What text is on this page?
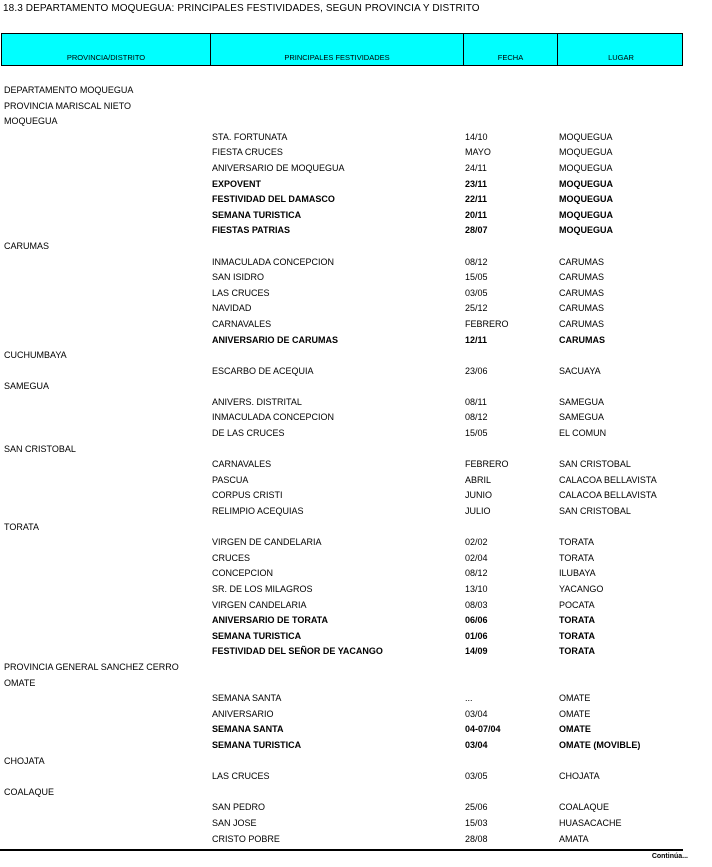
18.3 DEPARTAMENTO MOQUEGUA: PRINCIPALES FESTIVIDADES, SEGUN PROVINCIA Y DISTRITO
PROVINCIA/DISTRITO	PRINCIPALES FESTIVIDADES	FECHA	LUGAR
DEPARTAMENTO MOQUEGUA
PROVINCIA MARISCAL NIETO
MOQUEGUA
STA. FORTUNATA	14/10	MOQUEGUA
FIESTA CRUCES	MAYO	MOQUEGUA
ANIVERSARIO DE MOQUEGUA	24/11	MOQUEGUA
EXPOVENT	23/11	MOQUEGUA
FESTIVIDAD DEL DAMASCO	22/11	MOQUEGUA
SEMANA TURISTICA	20/11	MOQUEGUA
FIESTAS PATRIAS	28/07	MOQUEGUA
CARUMAS
INMACULADA CONCEPCION	08/12	CARUMAS
SAN ISIDRO	15/05	CARUMAS
LAS CRUCES	03/05	CARUMAS
NAVIDAD	25/12	CARUMAS
CARNAVALES	FEBRERO	CARUMAS
ANIVERSARIO DE CARUMAS	12/11	CARUMAS
CUCHUMBAYA
ESCARBO DE ACEQUIA	23/06	SACUAYA
SAMEGUA
ANIVERS. DISTRITAL	08/11	SAMEGUA
INMACULADA CONCEPCION	08/12	SAMEGUA
DE LAS CRUCES	15/05	EL COMUN
SAN CRISTOBAL
CARNAVALES	FEBRERO	SAN CRISTOBAL
PASCUA	ABRIL	CALACOA BELLAVISTA
CORPUS CRISTI	JUNIO	CALACOA BELLAVISTA
RELIMPIO ACEQUIAS	JULIO	SAN CRISTOBAL
TORATA
VIRGEN DE CANDELARIA	02/02	TORATA
CRUCES	02/04	TORATA
CONCEPCION	08/12	ILUBAYA
SR. DE LOS MILAGROS	13/10	YACANGO
VIRGEN CANDELARIA	08/03	POCATA
ANIVERSARIO DE TORATA	06/06	TORATA
SEMANA TURISTICA	01/06	TORATA
FESTIVIDAD DEL SEÑOR DE YACANGO	14/09	TORATA
PROVINCIA GENERAL SANCHEZ CERRO
OMATE
SEMANA SANTA	...	OMATE
ANIVERSARIO	03/04	OMATE
SEMANA SANTA	04-07/04	OMATE
SEMANA TURISTICA	03/04	OMATE (MOVIBLE)
CHOJATA
LAS CRUCES	03/05	CHOJATA
COALAQUE
SAN PEDRO	25/06	COALAQUE
SAN JOSE	15/03	HUASACACHE
CRISTO POBRE	28/08	AMATA
Continúa...
